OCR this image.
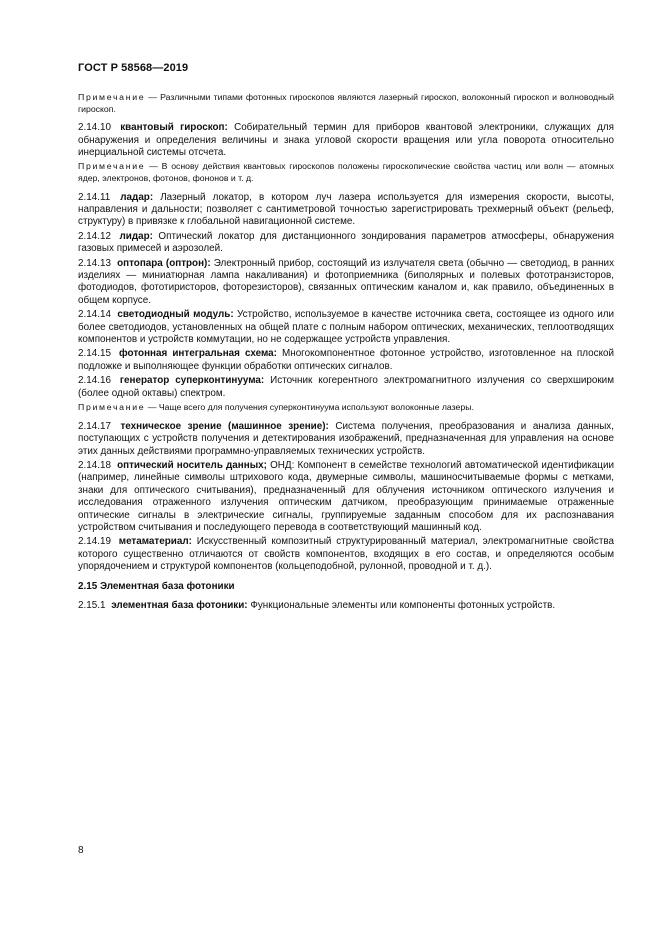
ГОСТ Р 58568—2019
Примечание — Различными типами фотонных гироскопов являются лазерный гироскоп, волоконный гироскоп и волноводный гироскоп.
2.14.10 квантовый гироскоп: Собирательный термин для приборов квантовой электроники, служащих для обнаружения и определения величины и знака угловой скорости вращения или угла поворота относительно инерциальной системы отсчета.
Примечание — В основу действия квантовых гироскопов положены гироскопические свойства частиц или волн — атомных ядер, электронов, фотонов, фононов и т. д.
2.14.11 ладар: Лазерный локатор, в котором луч лазера используется для измерения скорости, высоты, направления и дальности; позволяет с сантиметровой точностью зарегистрировать трехмерный объект (рельеф, структуру) в привязке к глобальной навигационной системе.
2.14.12 лидар: Оптический локатор для дистанционного зондирования параметров атмосферы, обнаружения газовых примесей и аэрозолей.
2.14.13 оптопара (оптрон): Электронный прибор, состоящий из излучателя света (обычно — светодиод, в ранних изделиях — миниатюрная лампа накаливания) и фотоприемника (биполярных и полевых фототранзисторов, фотодиодов, фототиристоров, фоторезисторов), связанных оптическим каналом и, как правило, объединенных в общем корпусе.
2.14.14 светодиодный модуль: Устройство, используемое в качестве источника света, состоящее из одного или более светодиодов, установленных на общей плате с полным набором оптических, механических, теплоотводящих компонентов и устройств коммутации, но не содержащее устройств управления.
2.14.15 фотонная интегральная схема: Многокомпонентное фотонное устройство, изготовленное на плоской подложке и выполняющее функции обработки оптических сигналов.
2.14.16 генератор суперконтинуума: Источник когерентного электромагнитного излучения со сверхшироким (более одной октавы) спектром.
Примечание — Чаще всего для получения суперконтинуума используют волоконные лазеры.
2.14.17 техническое зрение (машинное зрение): Система получения, преобразования и анализа данных, поступающих с устройств получения и детектирования изображений, предназначенная для управления на основе этих данных действиями программно-управляемых технических устройств.
2.14.18 оптический носитель данных; ОНД: Компонент в семействе технологий автоматической идентификации (например, линейные символы штрихового кода, двумерные символы, машиносчитываемые формы с метками, знаки для оптического считывания), предназначенный для облучения источником оптического излучения и исследования отраженного излучения оптическим датчиком, преобразующим принимаемые отраженные оптические сигналы в электрические сигналы, группируемые заданным способом для их распознавания устройством считывания и последующего перевода в соответствующий машинный код.
2.14.19 метаматериал: Искусственный композитный структурированный материал, электромагнитные свойства которого существенно отличаются от свойств компонентов, входящих в его состав, и определяются особым упорядочением и структурой компонентов (кольцеподобной, рулонной, проводной и т. д.).
2.15 Элементная база фотоники
2.15.1 элементная база фотоники: Функциональные элементы или компоненты фотонных устройств.
8
